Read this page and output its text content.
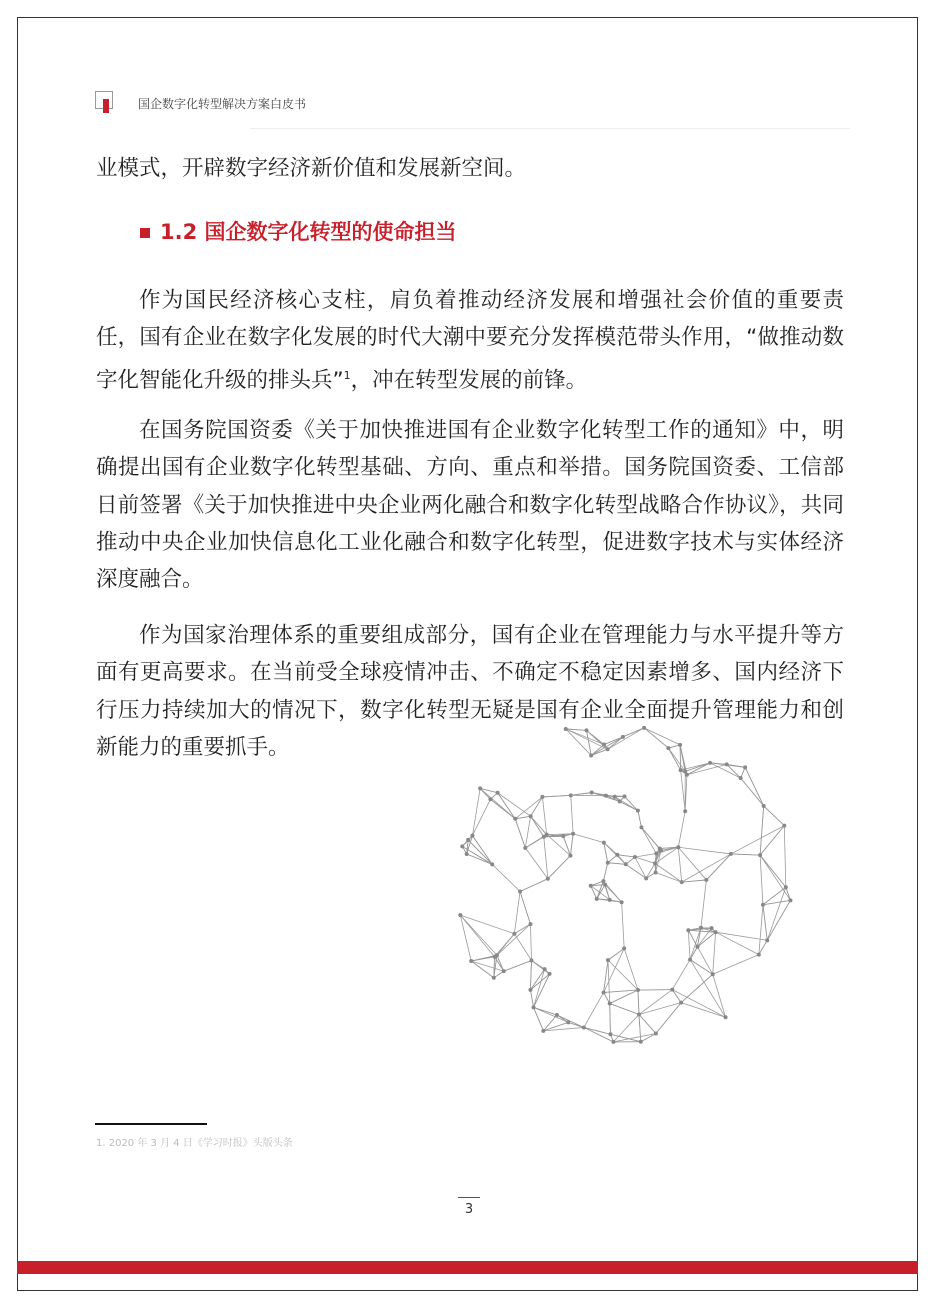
国企数字化转型解决方案白皮书
业模式，开辟数字经济新价值和发展新空间。
1.2 国企数字化转型的使命担当

作为国民经济核心支柱，肩负着推动经济发展和增强社会价值的重要责任，国有企业在数字化发展的时代大潮中要充分发挥模范带头作用，“做推动数字化智能化升级的排头兵”$^1$，冲在转型发展的前锋。

在国务院国资委《关于加快推进国有企业数字化转型工作的通知》中，明确提出国有企业数字化转型基础、方向、重点和举措。国务院国资委、工信部日前签署《关于加快推进中央企业两化融合和数字化转型战略合作协议》，共同推动中央企业加快信息化工业化融合和数字化转型，促进数字技术与实体经济深度融合。

作为国家治理体系的重要组成部分，国有企业在管理能力与水平提升等方面有更高要求。在当前受全球疫情冲击、不确定不稳定因素增多、国内经济下行压力持续加大的情况下，数字化转型无疑是国有企业全面提升管理能力和创新能力的重要抓手。

1. 2020 年 3 月 4 日《学习时报》头版头条
3
